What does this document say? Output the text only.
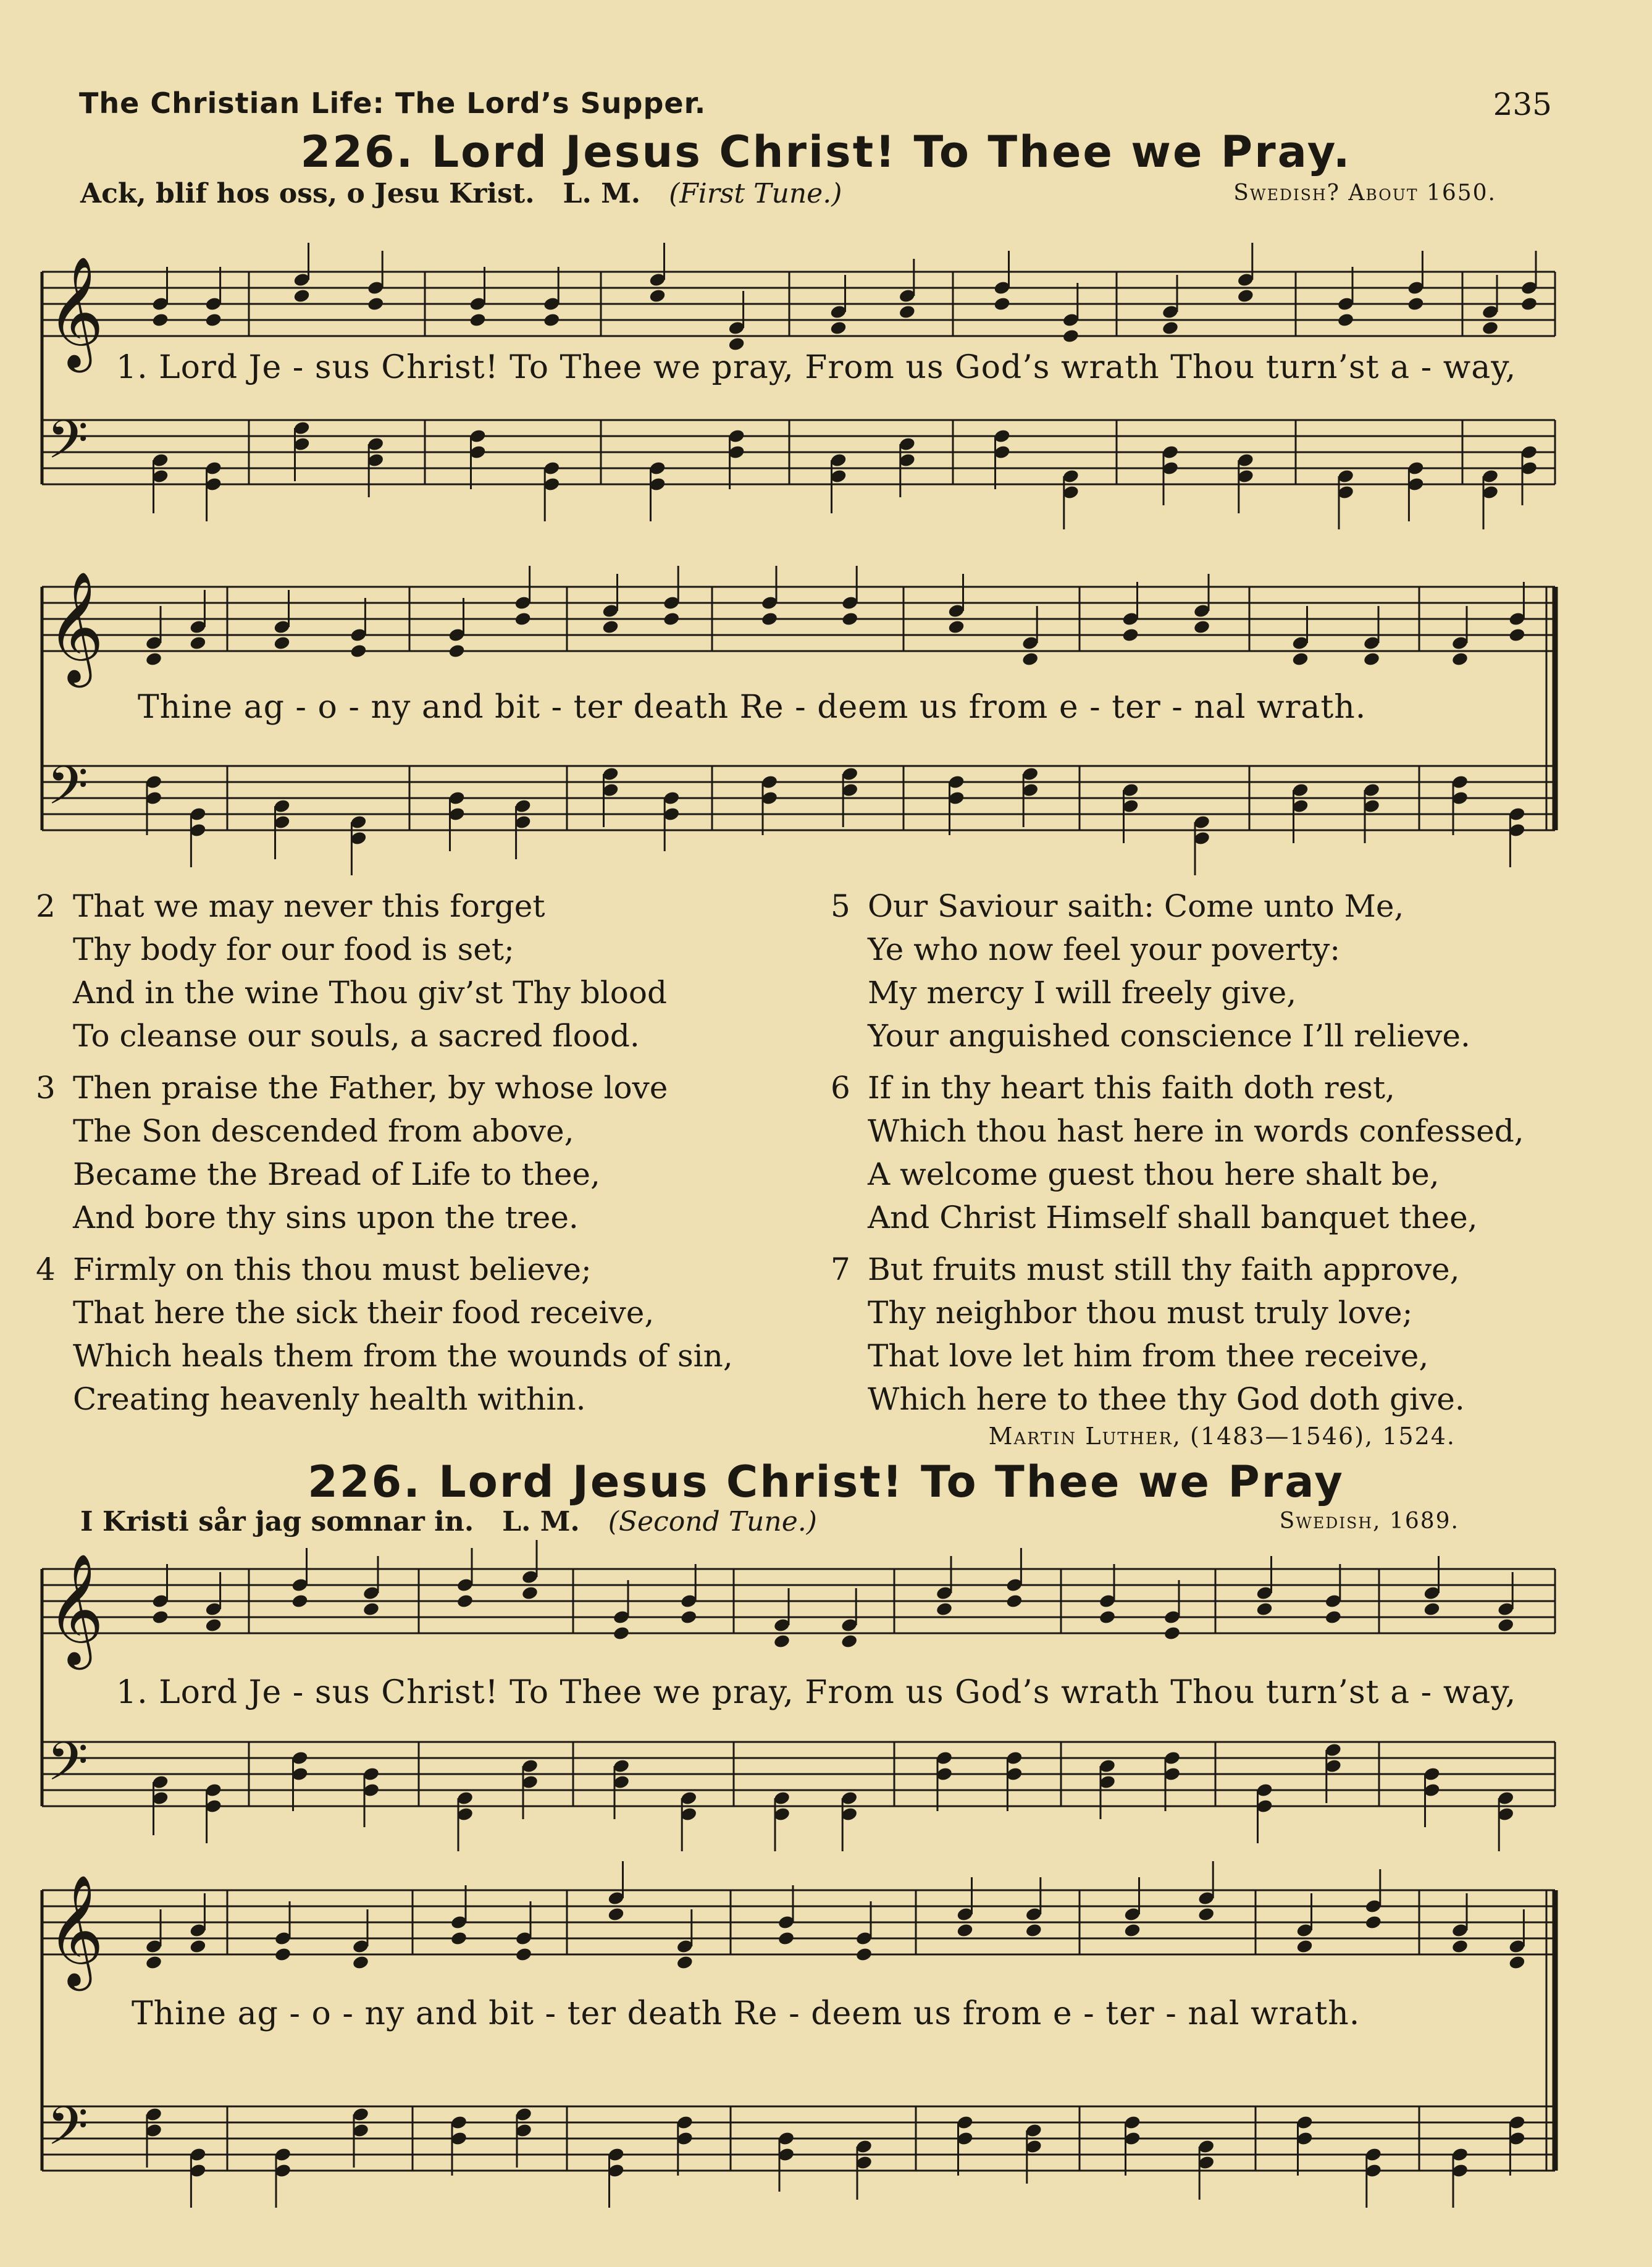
The Christian Life: The Lord’s Supper.	235
226. Lord Jesus Christ! To Thee we Pray.
Ack, blif hos oss, o Jesu Krist. L. M. (First Tune.)	Swedish? About 1650.
𝄞
𝄢
1. Lord Je - sus Christ! To Thee we pray, From us God’s wrath Thou turn’st a - way,
𝄞
𝄢
Thine ag - o - ny and bit - ter death Re - deem us from e - ter - nal wrath.
2 That we may never this forget
Thy body for our food is set;
And in the wine Thou giv’st Thy blood
To cleanse our souls, a sacred flood.
3 Then praise the Father, by whose love
The Son descended from above,
Became the Bread of Life to thee,
And bore thy sins upon the tree.
4 Firmly on this thou must believe;
That here the sick their food receive,
Which heals them from the wounds of sin,
Creating heavenly health within.
5 Our Saviour saith: Come unto Me,
Ye who now feel your poverty:
My mercy I will freely give,
Your anguished conscience I’ll relieve.
6 If in thy heart this faith doth rest,
Which thou hast here in words confessed,
A welcome guest thou here shalt be,
And Christ Himself shall banquet thee,
7 But fruits must still thy faith approve,
Thy neighbor thou must truly love;
That love let him from thee receive,
Which here to thee thy God doth give.
Martin Luther, (1483—1546), 1524.
226. Lord Jesus Christ! To Thee we Pray
I Kristi sår jag somnar in. L. M. (Second Tune.)	Swedish, 1689.
𝄞
𝄢
1. Lord Je - sus Christ! To Thee we pray, From us God’s wrath Thou turn’st a - way,
𝄞
𝄢
Thine ag - o - ny and bit - ter death Re - deem us from e - ter - nal wrath.
